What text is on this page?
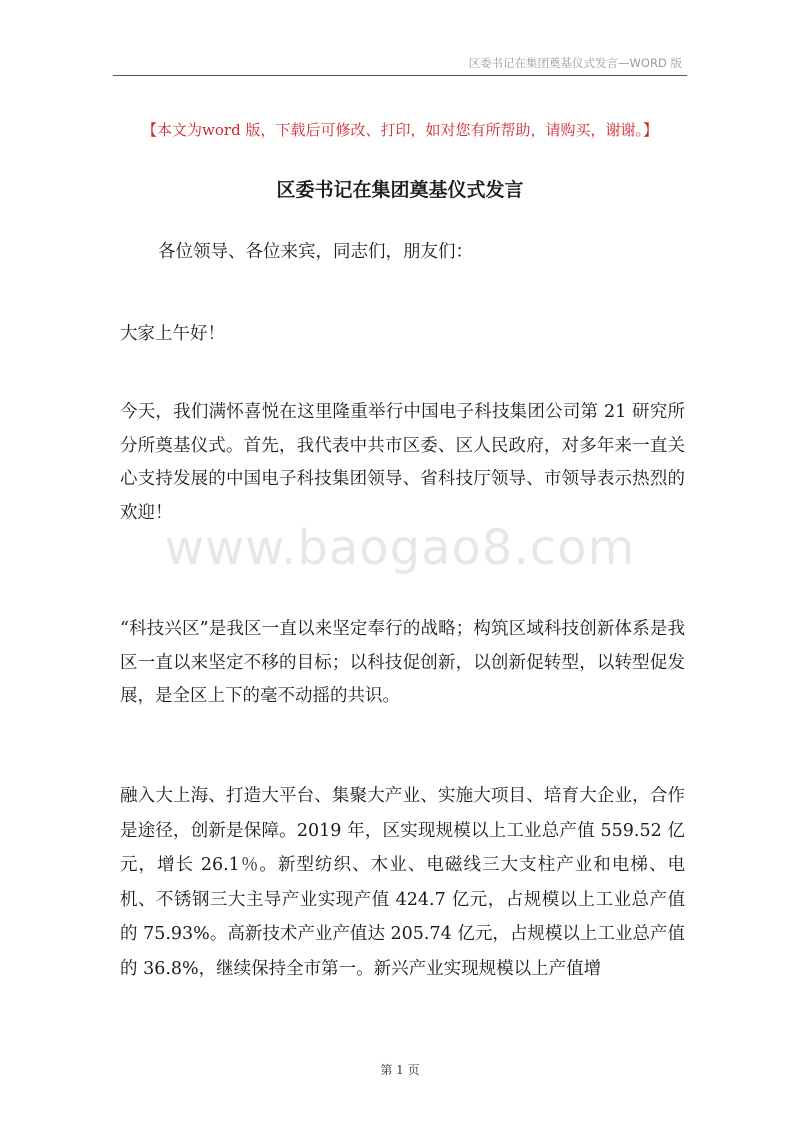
区委书记在集团奠基仪式发言—WORD 版
【本文为word 版，下载后可修改、打印，如对您有所帮助，请购买，谢谢。】
区委书记在集团奠基仪式发言
各位领导、各位来宾，同志们，朋友们：
大家上午好！
今天，我们满怀喜悦在这里隆重举行中国电子科技集团公司第 21 研究所分所奠基仪式。首先，我代表中共市区委、区人民政府，对多年来一直关心支持发展的中国电子科技集团领导、省科技厅领导、市领导表示热烈的欢迎！
“科技兴区”是我区一直以来坚定奉行的战略；构筑区域科技创新体系是我区一直以来坚定不移的目标；以科技促创新，以创新促转型，以转型促发展，是全区上下的毫不动摇的共识。
融入大上海、打造大平台、集聚大产业、实施大项目、培育大企业，合作是途径，创新是保障。2019 年，区实现规模以上工业总产值 559.52 亿元，增长 26.1％。新型纺织、木业、电磁线三大支柱产业和电梯、电机、不锈钢三大主导产业实现产值 424.7 亿元，占规模以上工业总产值的 75.93%。高新技术产业产值达 205.74 亿元，占规模以上工业总产值的 36.8%，继续保持全市第一。新兴产业实现规模以上产值增
www.baogao8.com
第 1 页
